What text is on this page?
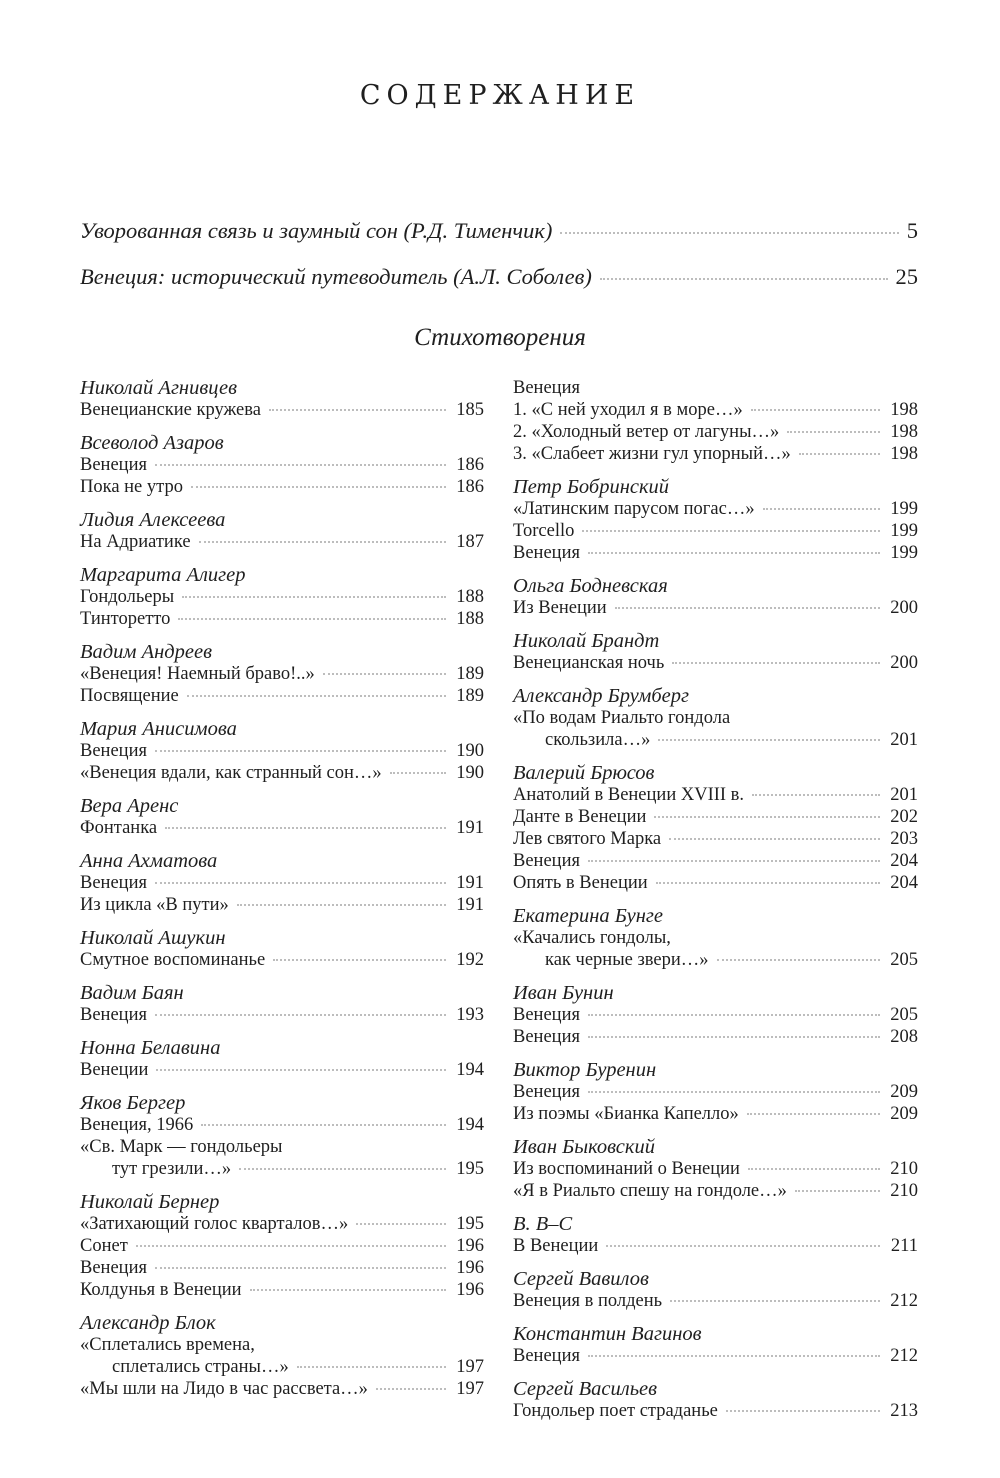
СОДЕРЖАНИЕ
Уворованная связь и заумный сон (Р.Д. Тименчик)	5
Венеция: исторический путеводитель (А.Л. Соболев)	25
Стихотворения
Николай Агнивцев
Венецианские кружева	185
Всеволод Азаров
Венеция	186
Пока не утро	186
Лидия Алексеева
На Адриатике	187
Маргарита Алигер
Гондольеры	188
Тинторетто	188
Вадим Андреев
«Венеция! Наемный браво!..»	189
Посвящение	189
Мария Анисимова
Венеция	190
«Венеция вдали, как странный сон…»	190
Вера Аренс
Фонтанка	191
Анна Ахматова
Венеция	191
Из цикла «В пути»	191
Николай Ашукин
Смутное воспоминанье	192
Вадим Баян
Венеция	193
Нонна Белавина
Венеции	194
Яков Бергер
Венеция, 1966	194
«Св. Марк — гондольеры
тут грезили…»	195
Николай Бернер
«Затихающий голос кварталов…»	195
Сонет	196
Венеция	196
Колдунья в Венеции	196
Александр Блок
«Сплетались времена,
сплетались страны…»	197
«Мы шли на Лидо в час рассвета…»	197
Венеция
1. «С ней уходил я в море…»	198
2. «Холодный ветер от лагуны…»	198
3. «Слабеет жизни гул упорный…»	198
Петр Бобринский
«Латинским парусом погас…»	199
Torcello	199
Венеция	199
Ольга Бодневская
Из Венеции	200
Николай Брандт
Венецианская ночь	200
Александр Брумберг
«По водам Риальто гондола
скользила…»	201
Валерий Брюсов
Анатолий в Венеции XVIII в.	201
Данте в Венеции	202
Лев святого Марка	203
Венеция	204
Опять в Венеции	204
Екатерина Бунге
«Качались гондолы,
как черные звери…»	205
Иван Бунин
Венеция	205
Венеция	208
Виктор Буренин
Венеция	209
Из поэмы «Бианка Капелло»	209
Иван Быковский
Из воспоминаний о Венеции	210
«Я в Риальто спешу на гондоле…»	210
В. В–С
В Венеции	211
Сергей Вавилов
Венеция в полдень	212
Константин Вагинов
Венеция	212
Сергей Васильев
Гондольер поет страданье	213
